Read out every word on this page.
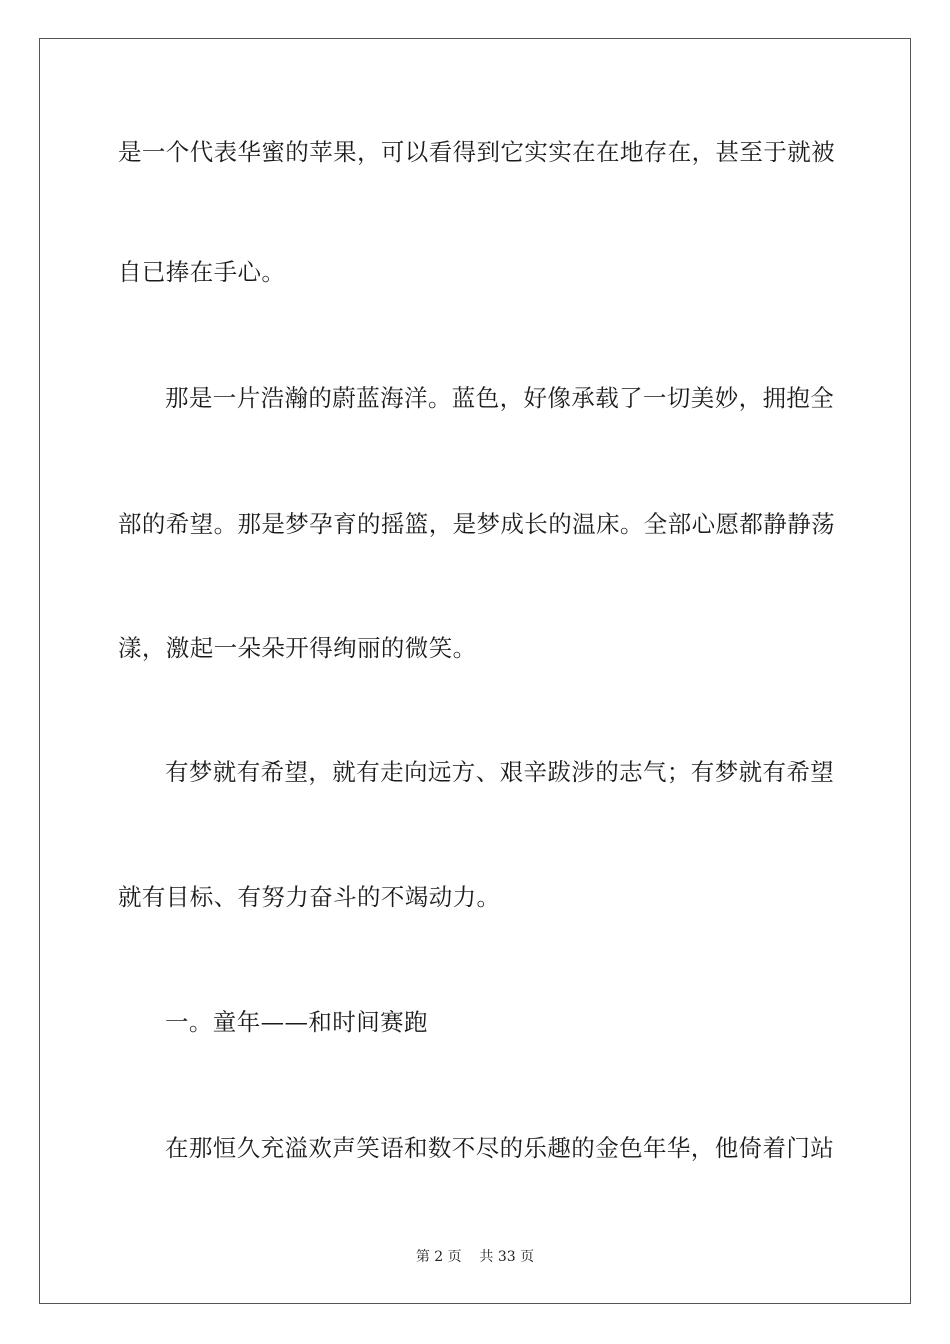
是一个代表华蜜的苹果，可以看得到它实实在在地存在，甚至于就被
自已捧在手心。
那是一片浩瀚的蔚蓝海洋。蓝色，好像承载了一切美妙，拥抱全
部的希望。那是梦孕育的摇篮，是梦成长的温床。全部心愿都静静荡
漾，激起一朵朵开得绚丽的微笑。
有梦就有希望，就有走向远方、艰辛跋涉的志气；有梦就有希望
就有目标、有努力奋斗的不竭动力。
一。童年——和时间赛跑
在那恒久充溢欢声笑语和数不尽的乐趣的金色年华，他倚着门站
第 2 页    共 33 页
